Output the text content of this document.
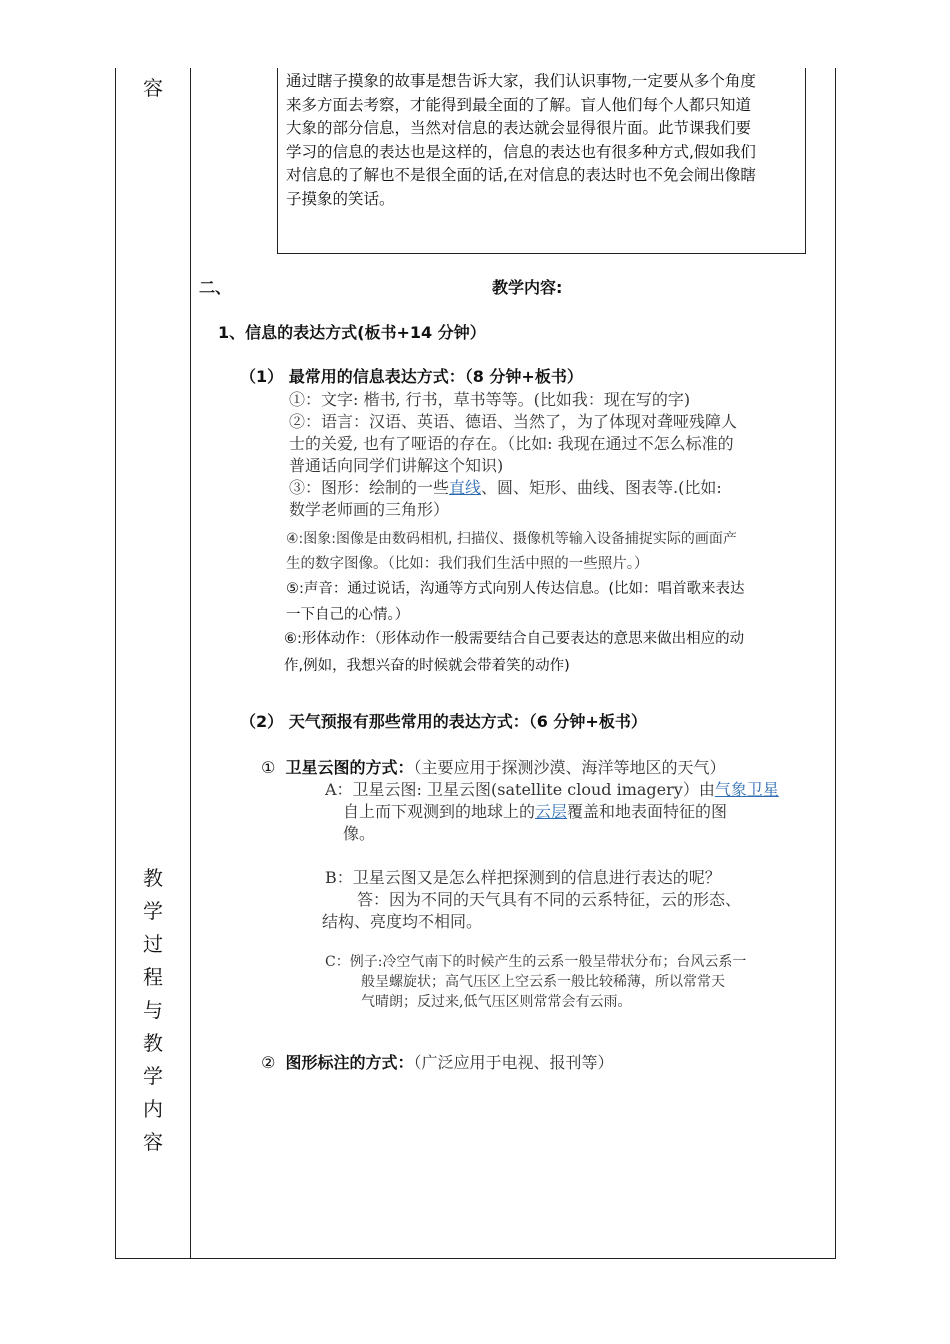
容
教
学
过
程
与
教
学
内
容
通过瞎子摸象的故事是想告诉大家，我们认识事物,一定要从多个角度
来多方面去考察，才能得到最全面的了解。盲人他们每个人都只知道
大象的部分信息，当然对信息的表达就会显得很片面。此节课我们要
学习的信息的表达也是这样的，信息的表达也有很多种方式,假如我们
对信息的了解也不是很全面的话,在对信息的表达时也不免会闹出像瞎
子摸象的笑话。
二、	教学内容:
1、信息的表达方式(板书+14 分钟）
（1） 最常用的信息表达方式：（8 分钟+板书）
①：文字: 楷书, 行书，草书等等。(比如我：现在写的字)
②：语言：汉语、英语、德语、当然了，为了体现对聋哑残障人
士的关爱, 也有了哑语的存在。（比如: 我现在通过不怎么标准的
普通话向同学们讲解这个知识)
③：图形：绘制的一些直线、圆、矩形、曲线、图表等.(比如:
数学老师画的三角形）
④:图象:图像是由数码相机, 扫描仪、摄像机等输入设备捕捉实际的画面产
生的数字图像。（比如：我们我们生活中照的一些照片。）
⑤:声音：通过说话，沟通等方式向别人传达信息。(比如：唱首歌来表达
一下自己的心情。）
⑥:形体动作：（形体动作一般需要结合自己要表达的意思来做出相应的动
作,例如，我想兴奋的时候就会带着笑的动作)
（2） 天气预报有那些常用的表达方式：（6 分钟+板书）
① 卫星云图的方式：（主要应用于探测沙漠、海洋等地区的天气）
A：卫星云图: 卫星云图(satellite cloud imagery）由气象卫星
自上而下观测到的地球上的云层覆盖和地表面特征的图
像。
B：卫星云图又是怎么样把探测到的信息进行表达的呢？
答：因为不同的天气具有不同的云系特征，云的形态、
结构、亮度均不相同。
C：例子:冷空气南下的时候产生的云系一般呈带状分布；台风云系一
般呈螺旋状；高气压区上空云系一般比较稀薄，所以常常天
气晴朗；反过来,低气压区则常常会有云雨。
② 图形标注的方式：（广泛应用于电视、报刊等）
